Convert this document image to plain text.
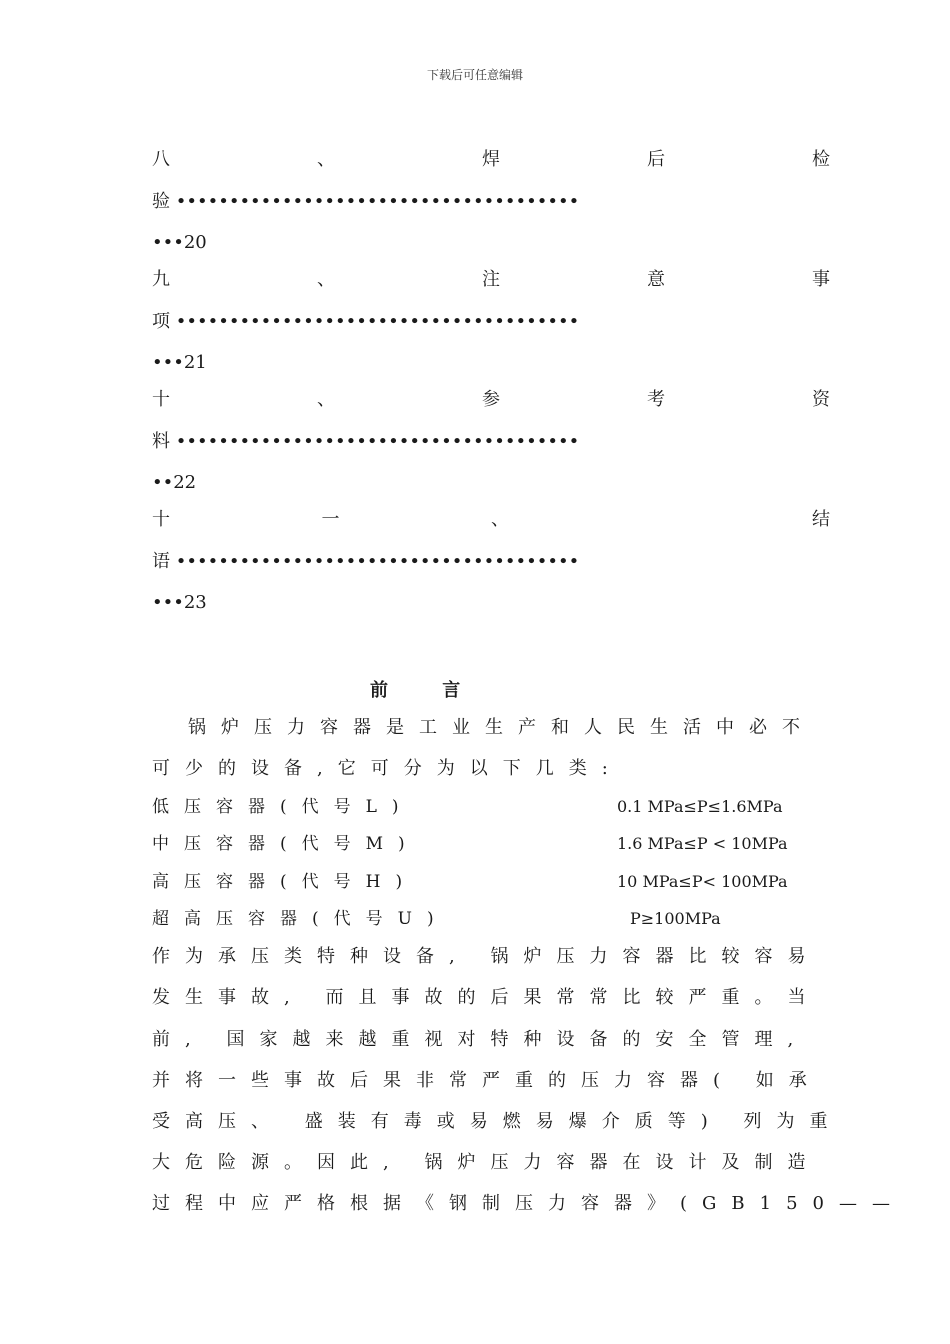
下载后可任意编辑
八	、	焊	后	检
验 ••••••••••••••••••••••••••••••••••••••
•••20
九	、	注	意	事
项 ••••••••••••••••••••••••••••••••••••••
•••21
十	、	参	考	资
料 ••••••••••••••••••••••••••••••••••••••
••22
十	一	、	结
语 ••••••••••••••••••••••••••••••••••••••
•••23
前 言
锅炉压力容器是工业生产和人民生活中必不
可少的设备,它可分为以下几类:
低压容器(代号L)	0.1 MPa≤P≤1.6MPa
中压容器(代号M)	1.6 MPa≤P < 10MPa
高压容器(代号H)	10 MPa≤P< 100MPa
超高压容器(代号U)	P≥100MPa
作为承压类特种设备, 锅炉压力容器比较容易
发生事故, 而且事故的后果常常比较严重。当
前, 国家越来越重视对特种设备的安全管理,
并将一些事故后果非常严重的压力容器( 如承
受高压、 盛装有毒或易燃易爆介质等) 列为重
大危险源。因此, 锅炉压力容器在设计及制造
过程中应严格根据《钢制压力容器》(GB150——
